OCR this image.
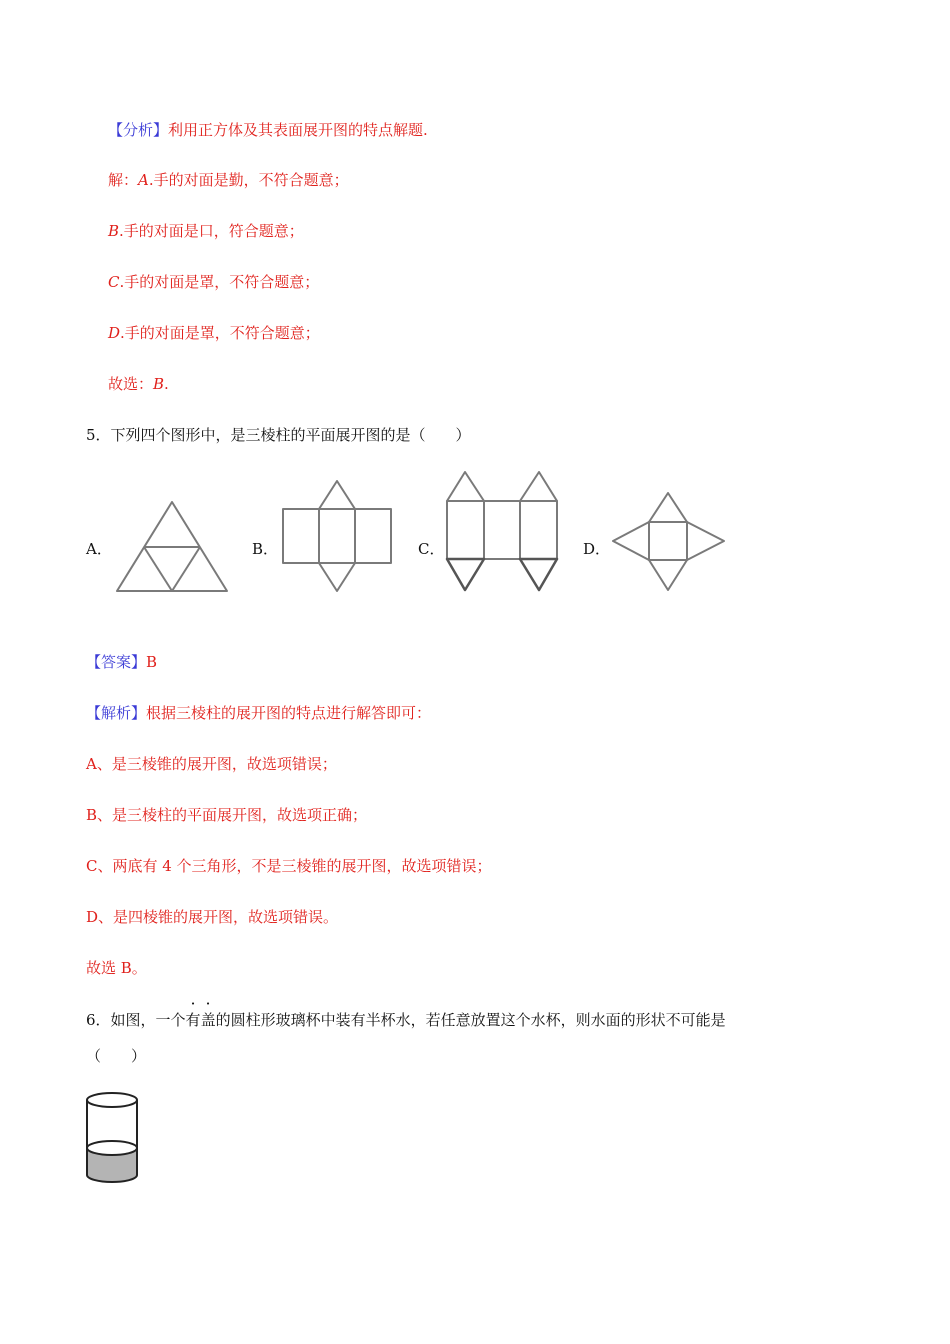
【分析】利用正方体及其表面展开图的特点解题.
解：A.手的对面是勤，不符合题意；
B.手的对面是口，符合题意；
C.手的对面是罩，不符合题意；
D.手的对面是罩，不符合题意；
故选：B.
5．下列四个图形中，是三棱柱的平面展开图的是（　　）
A．	B．	C．	D．
【答案】B
【解析】根据三棱柱的展开图的特点进行解答即可：
A、是三棱锥的展开图，故选项错误；
B、是三棱柱的平面展开图，故选项正确；
C、两底有 4 个三角形，不是三棱锥的展开图，故选项错误；
D、是四棱锥的展开图，故选项错误。
故选 B。
6．如图，一个有盖的圆柱形玻璃杯中装有半杯水，若任意放置这个水杯，则水面的形状不可能是
（　　）
